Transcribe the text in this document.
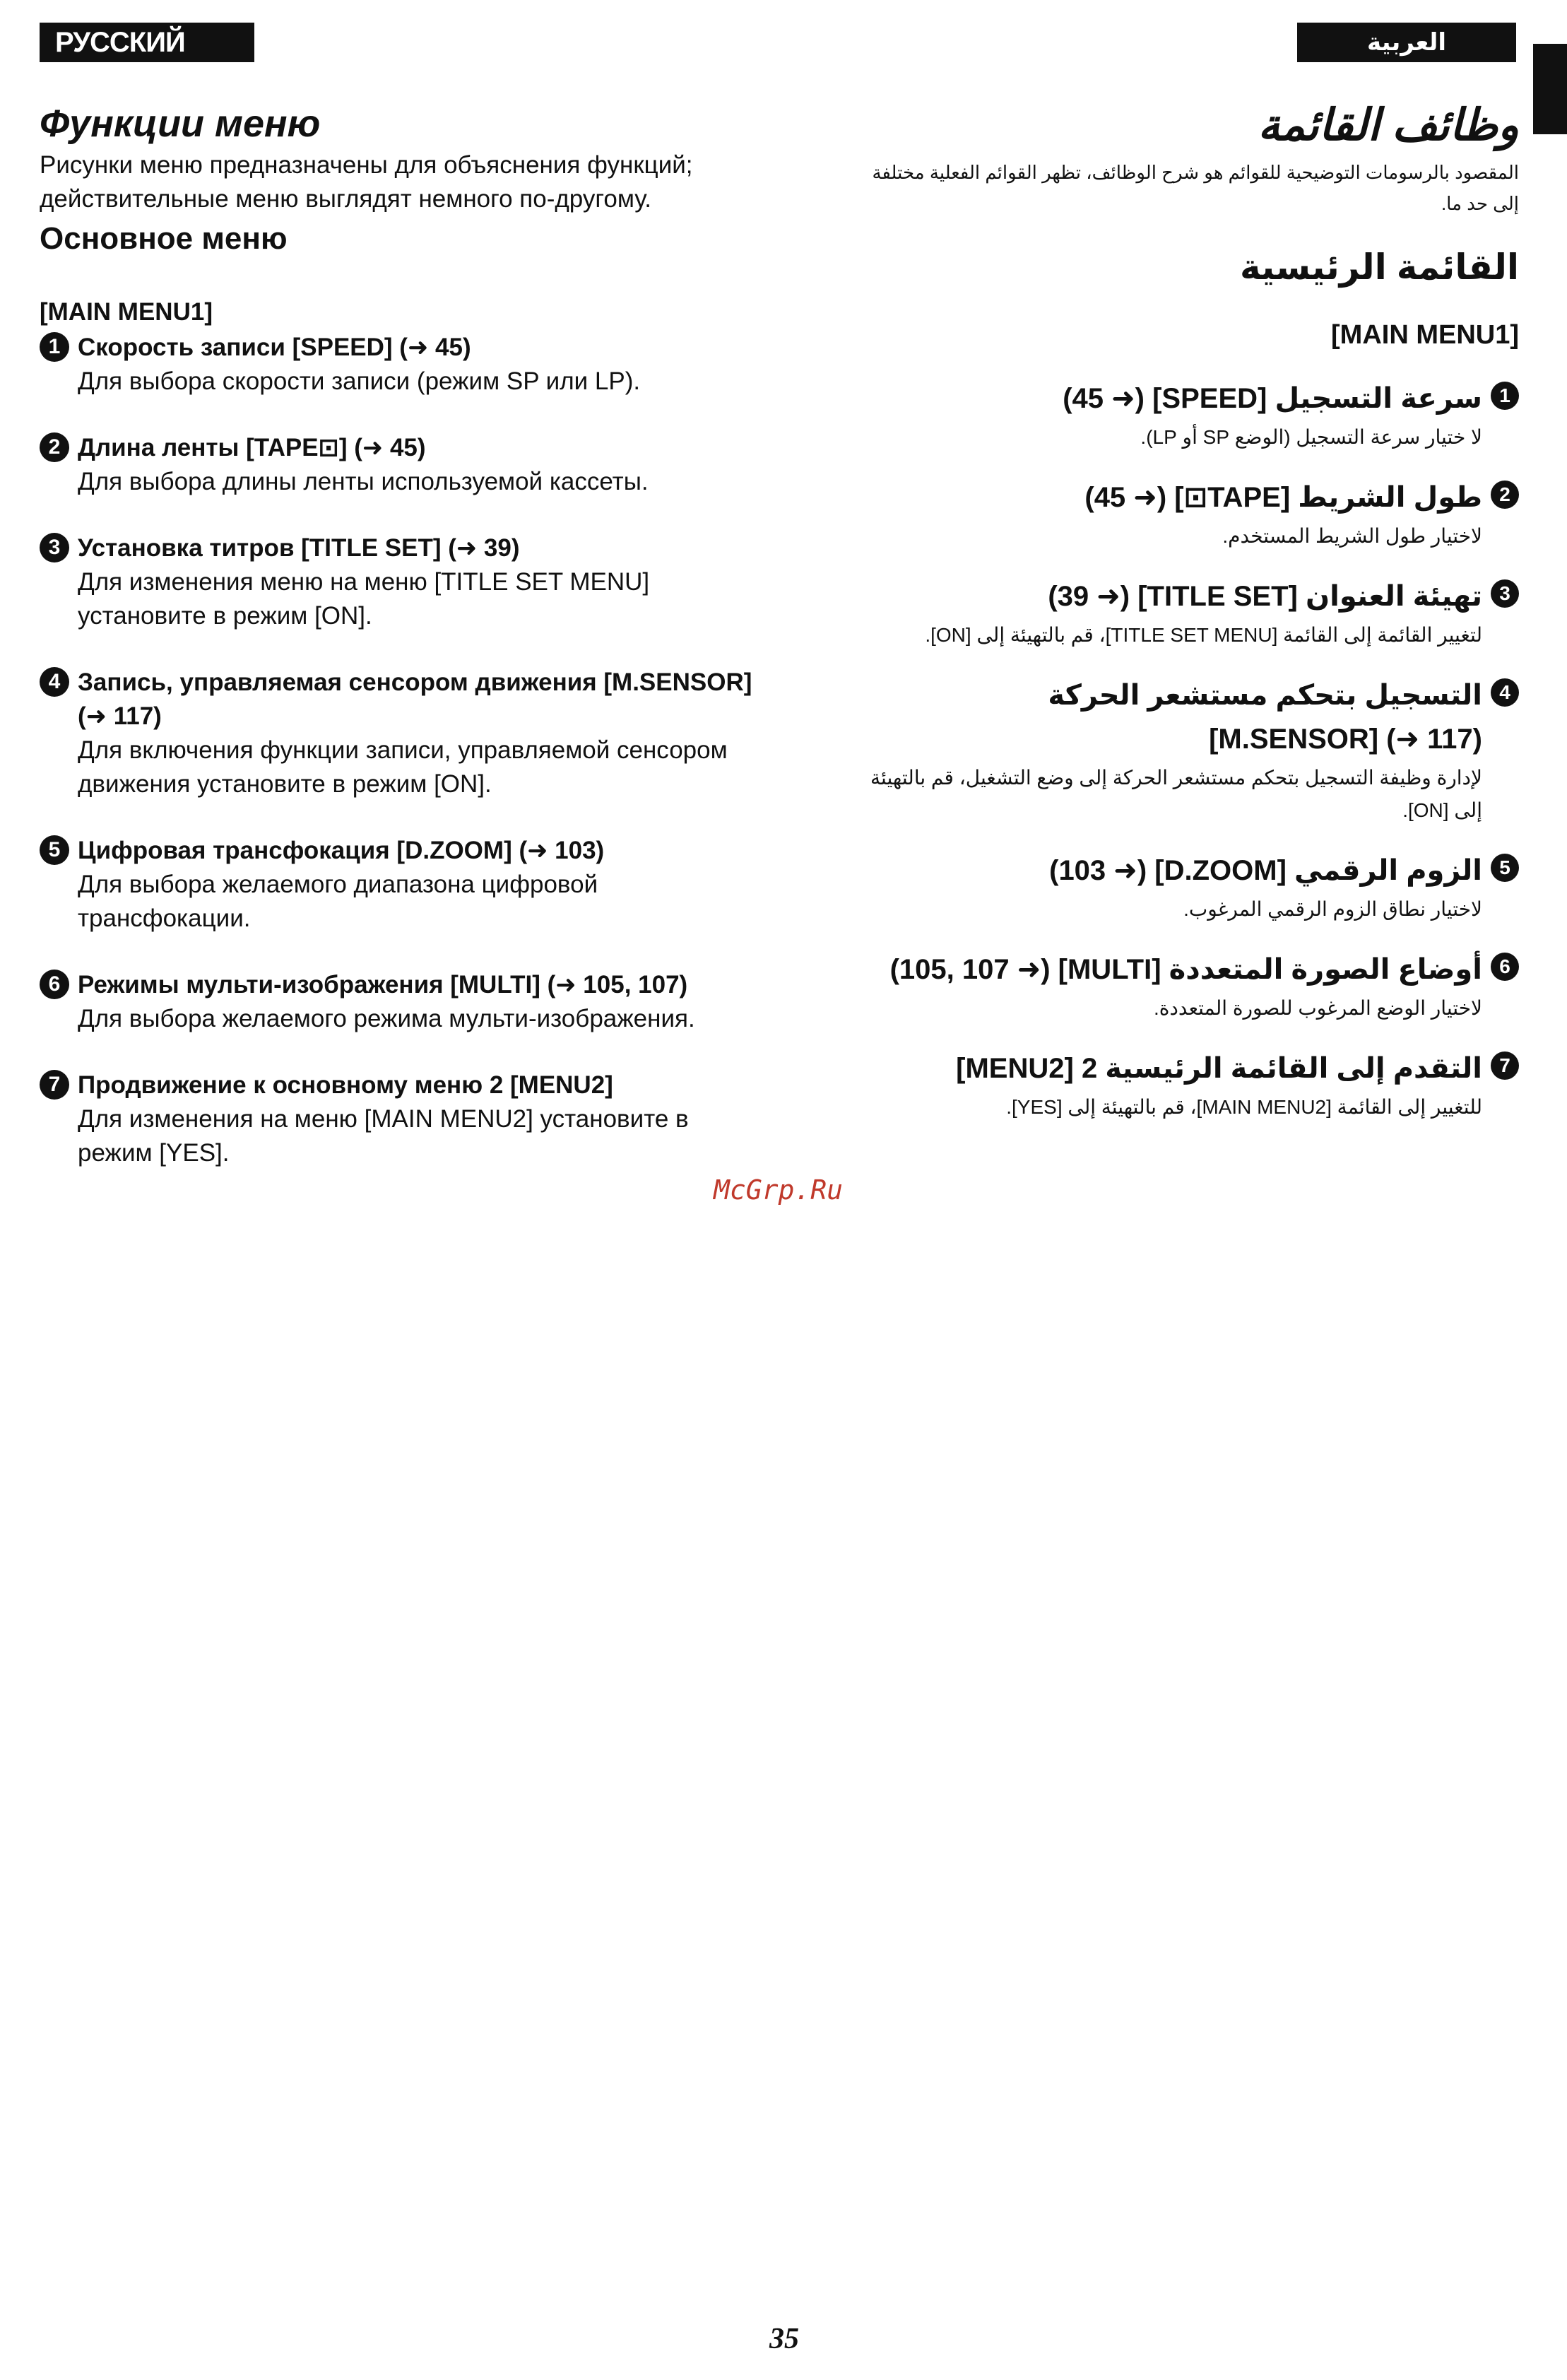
РУССКИЙ ЯЗЫК
العربية
Функции меню

Рисунки меню предназначены для объяснения функций; действительные меню выглядят немного по-другому.

Основное меню
[MAIN MENU1]
1 Скорость записи [SPEED] (➜ 45)
Для выбора скорости записи (режим SP или LP).
2 Длина ленты [TAPE⊡] (➜ 45)
Для выбора длины ленты используемой кассеты.
3 Установка титров [TITLE SET] (➜ 39)
Для изменения меню на меню [TITLE SET MENU] установите в режим [ON].
4 Запись, управляемая сенсором движения [M.SENSOR](➜ 117)
Для включения функции записи, управляемой сенсором движения установите в режим [ON].
5 Цифровая трансфокация [D.ZOOM] (➜ 103)
Для выбора желаемого диапазона цифровой трансфокации.
6 Режимы мульти-изображения [MULTI] (➜ 105, 107)
Для выбора желаемого режима мульти-изображения.
7 Продвижение к основному меню 2 [MENU2]
Для изменения на меню [MAIN MENU2] установите в режим [YES].
وظائف القائمة

المقصود بالرسومات التوضيحية للقوائم هو شرح الوظائف، تظهر القوائم الفعلية مختلفة إلى حد ما.

القائمة الرئيسية
[MAIN MENU1]
1
سرعة التسجيل [SPEED] (➜ 45)
لا ختيار سرعة التسجيل (الوضع SP أو LP).
2
طول الشريط [TAPE⊡] (➜ 45)
لاختيار طول الشريط المستخدم.
3
تهيئة العنوان [TITLE SET] (➜ 39)
لتغيير القائمة إلى القائمة [TITLE SET MENU]، قم بالتهيئة إلى [ON].
4
التسجيل بتحكم مستشعر الحركة
[M.SENSOR] (➜ 117)
لإدارة وظيفة التسجيل بتحكم مستشعر الحركة إلى وضع التشغيل، قم بالتهيئة إلى [ON].
5
الزوم الرقمي [D.ZOOM] (➜ 103)
لاختيار نطاق الزوم الرقمي المرغوب.
6
أوضاع الصورة المتعددة [MULTI] (➜ 105, 107)
لاختيار الوضع المرغوب للصورة المتعددة.
7
التقدم إلى القائمة الرئيسية 2 [MENU2]
للتغيير إلى القائمة [MAIN MENU2]، قم بالتهيئة إلى [YES].
McGrp.Ru
35
